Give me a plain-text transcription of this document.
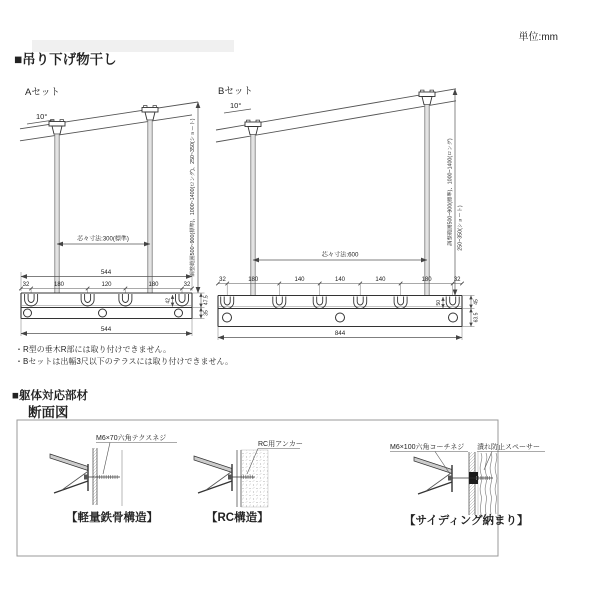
単位:mm
■吊り下げ物干し
Aセット
10°
調整範囲500~900(標準)、1000~1400(ロング)、250~350(ショート)
芯々寸法:300(標準)
544
32	180	120	180	32
42	47.5
35
544
Bセット
10°
調整範囲500~900(標準)、1000~1400(ロング) 250~350(ショート)
芯々寸法:600
32	180	140	140	140	180	32
50	45
63.5
844
・R型の垂木R部には取り付けできません。
・Bセットは出幅3尺以下のテラスには取り付けできません。
■躯体対応部材
断面図
M6×70六角テクスネジ
【軽量鉄骨構造】
RC用アンカー
【RC構造】
M6×100六角コーチネジ 潰れ防止スペーサー
【サイディング納まり】
